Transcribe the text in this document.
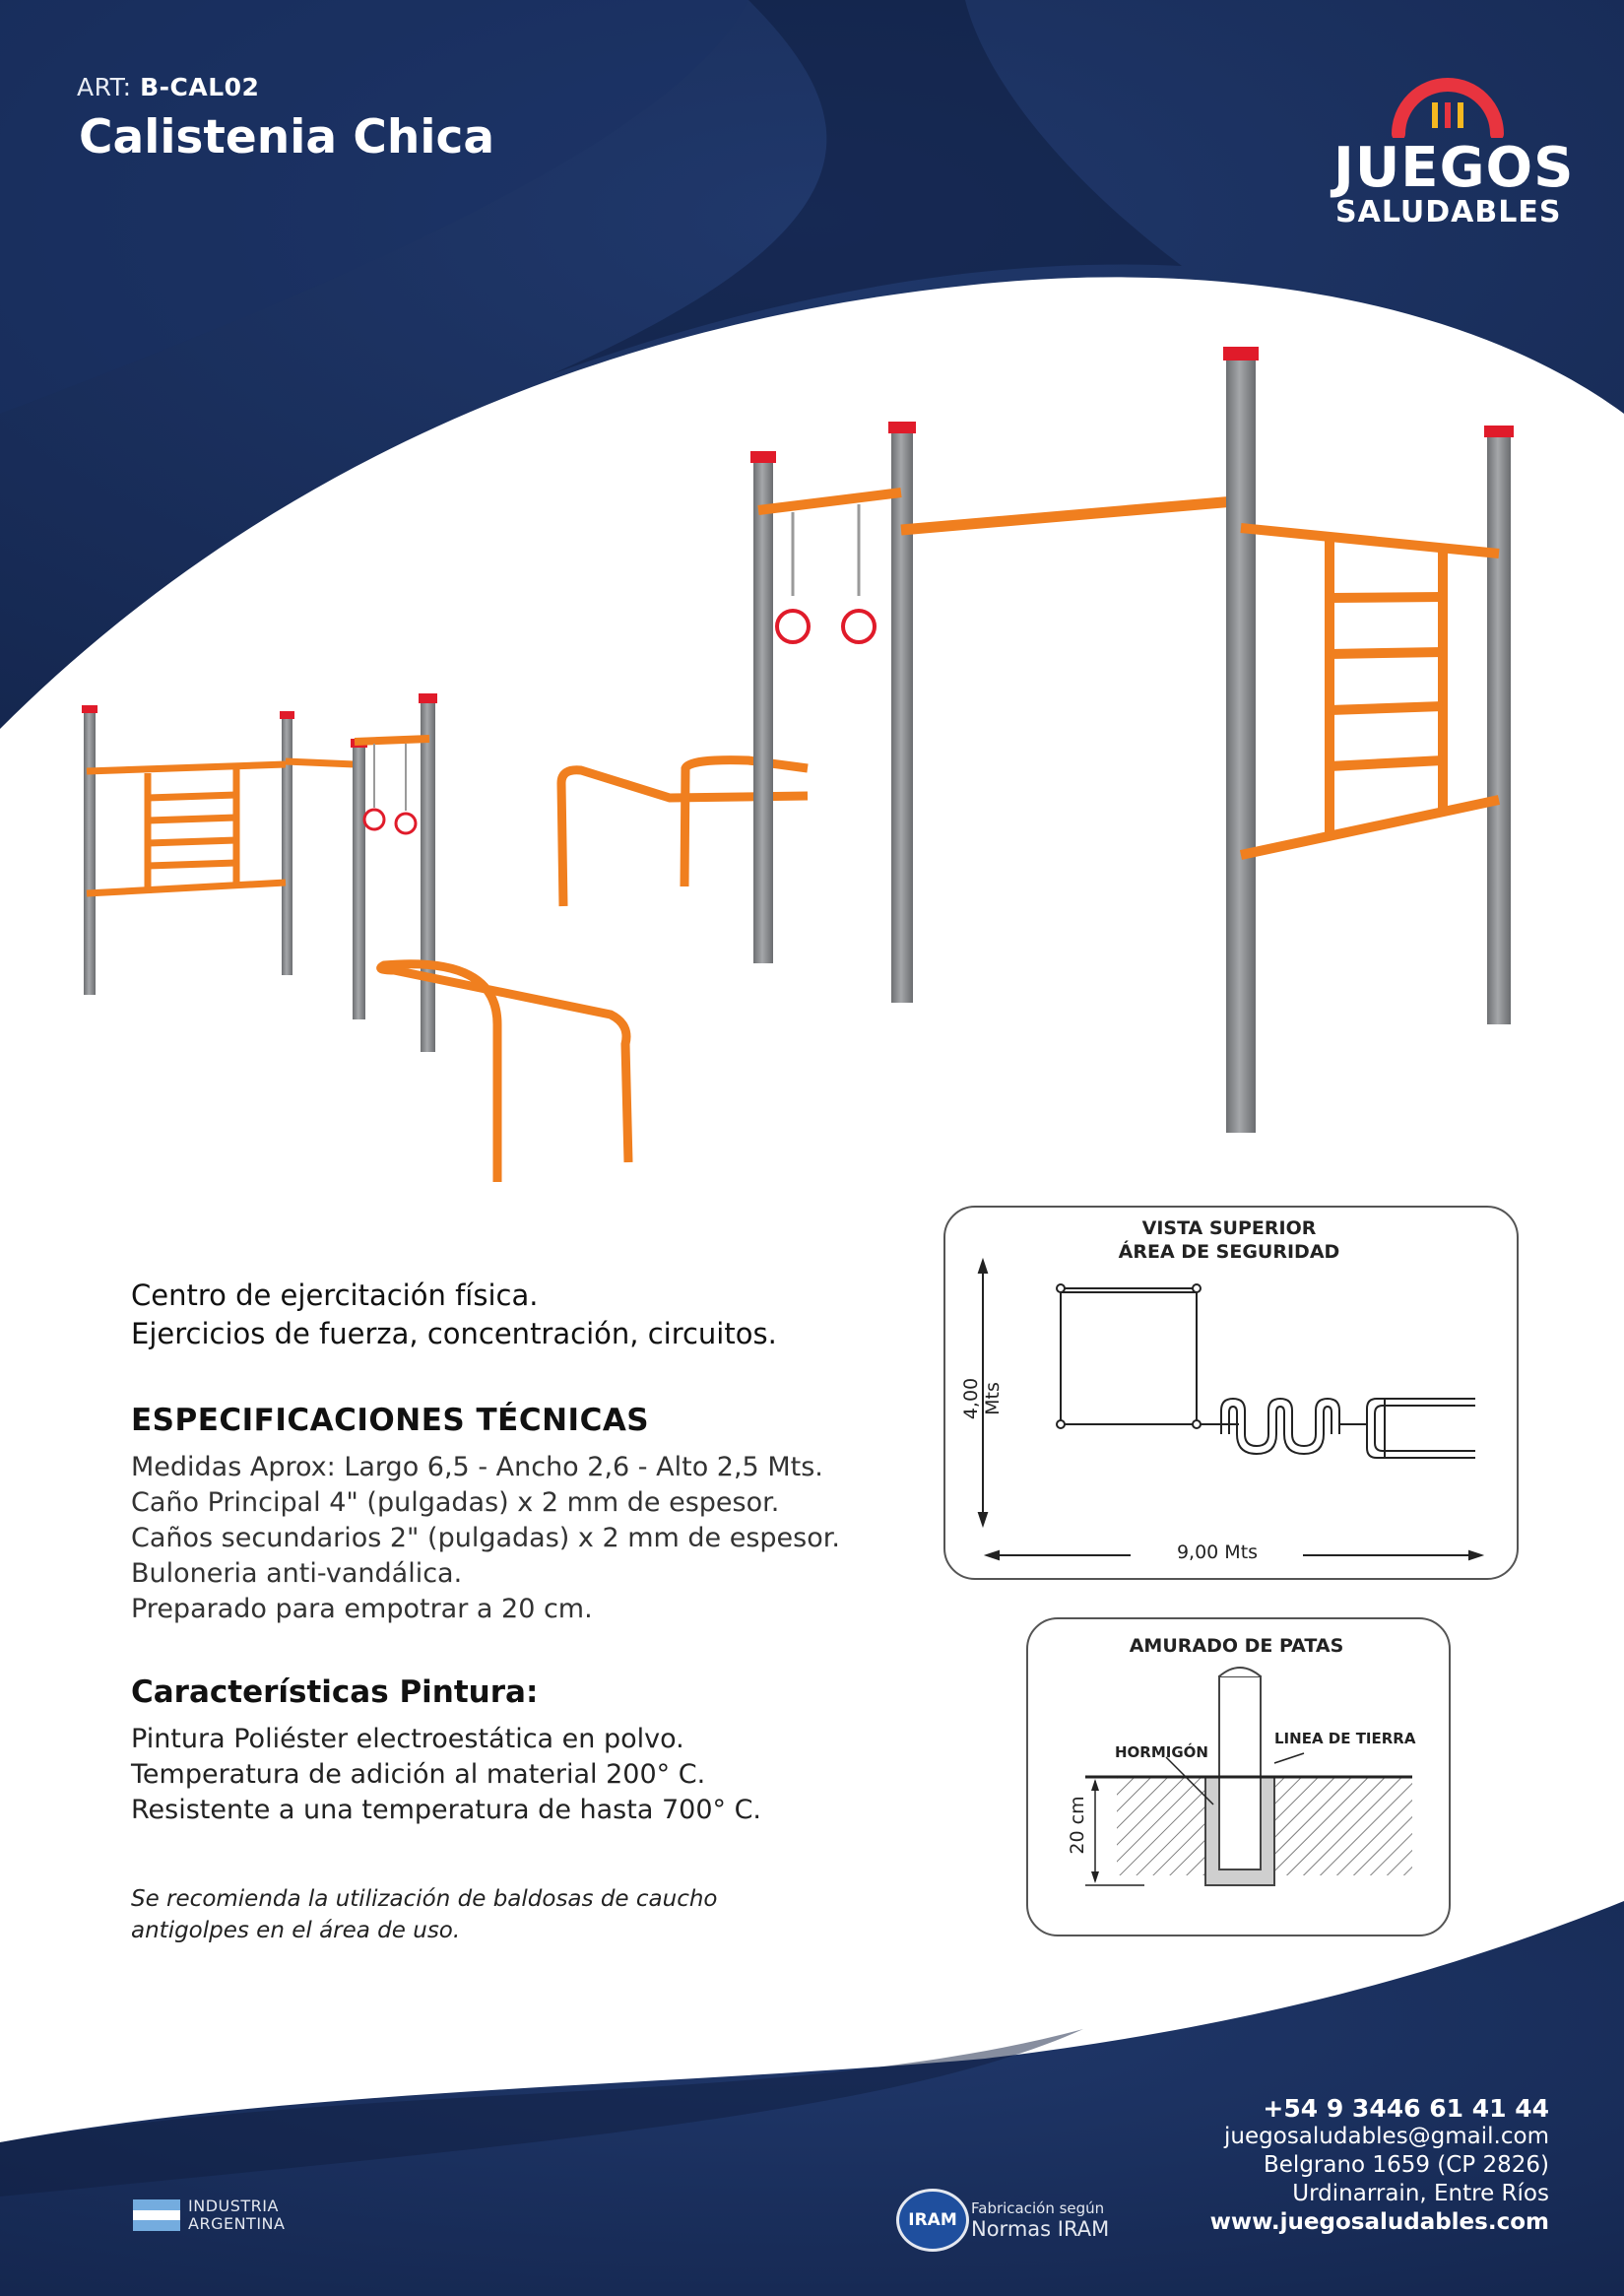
ART: B-CAL02
Calistenia Chica	JUEGOS
SALUDABLES
Centro de ejercitación física.
Ejercicios de fuerza, concentración, circuitos.
ESPECIFICACIONES TÉCNICAS
Medidas Aprox: Largo 6,5 - Ancho 2,6 - Alto 2,5 Mts.
Caño Principal 4" (pulgadas) x 2 mm de espesor.
Caños secundarios 2" (pulgadas) x 2 mm de espesor.
Buloneria anti-vandálica.
Preparado para empotrar a 20 cm.
Características Pintura:
Pintura Poliéster electroestática en polvo.
Temperatura de adición al material 200° C.
Resistente a una temperatura de hasta 700° C.
Se recomienda la utilización de baldosas de caucho
antigolpes en el área de uso.
VISTA SUPERIOR
ÁREA DE SEGURIDAD
4,00 Mts
9,00 Mts
AMURADO DE PATAS
HORMIGÓN
LINEA DE TIERRA
20 cm
+54 9 3446 61 41 44
juegosaludables@gmail.com
Belgrano 1659 (CP 2826)
Urdinarrain, Entre Ríos
www.juegosaludables.com
INDUSTRIA
ARGENTINA	IRAM
Fabricación según
Normas IRAM
